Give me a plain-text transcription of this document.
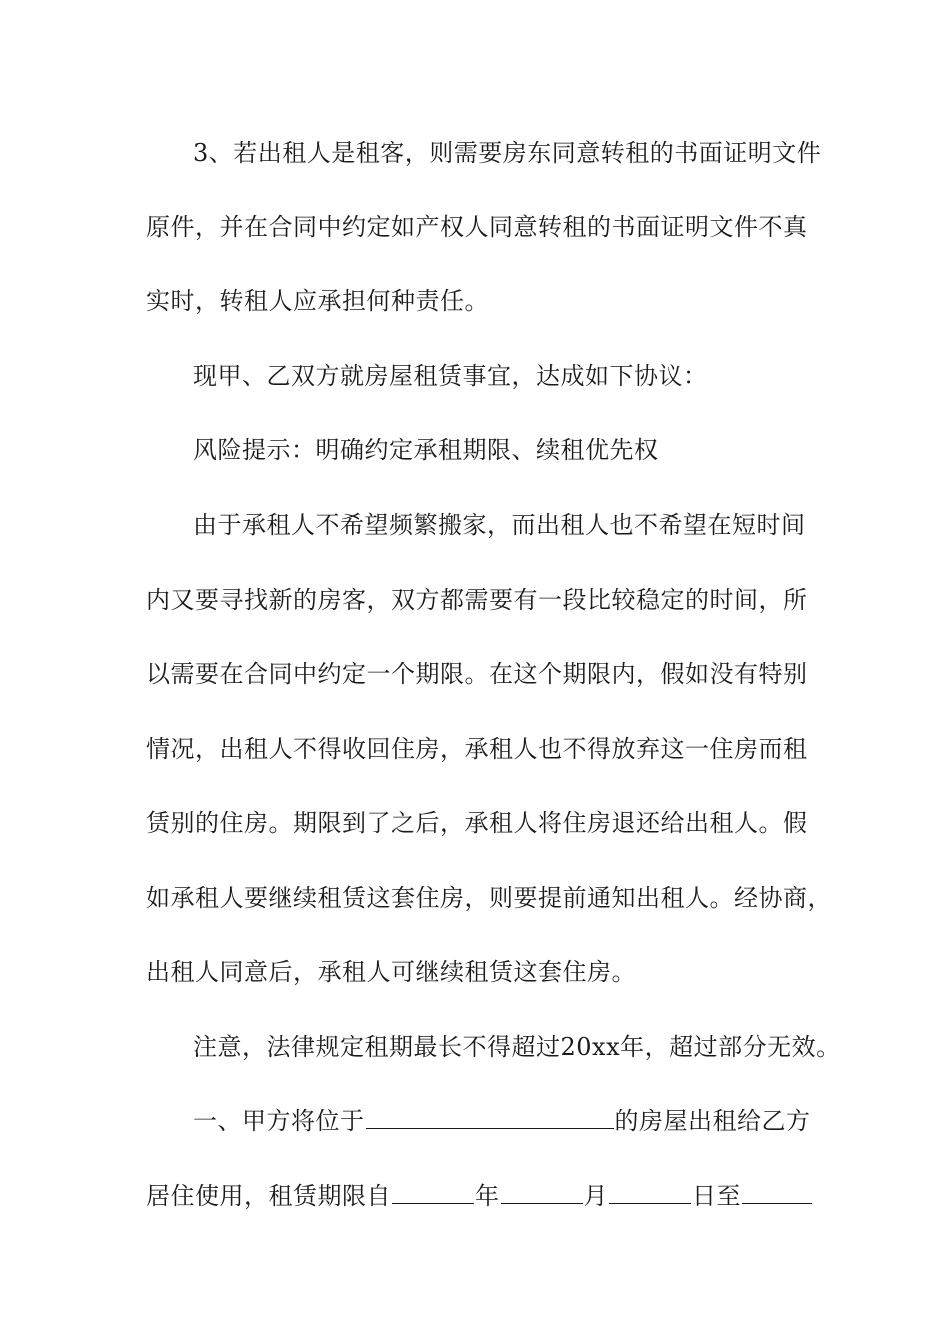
3、若出租人是租客，则需要房东同意转租的书面证明文件
原件，并在合同中约定如产权人同意转租的书面证明文件不真
实时，转租人应承担何种责任。
现甲、乙双方就房屋租赁事宜，达成如下协议：
风险提示：明确约定承租期限、续租优先权
由于承租人不希望频繁搬家，而出租人也不希望在短时间
内又要寻找新的房客，双方都需要有一段比较稳定的时间，所
以需要在合同中约定一个期限。在这个期限内，假如没有特别
情况，出租人不得收回住房，承租人也不得放弃这一住房而租
赁别的住房。期限到了之后，承租人将住房退还给出租人。假
如承租人要继续租赁这套住房，则要提前通知出租人。经协商，
出租人同意后，承租人可继续租赁这套住房。
注意，法律规定租期最长不得超过20xx年，超过部分无效。
一、甲方将位于	的房屋出租给乙方
居住使用，租赁期限自	年	月	日至
